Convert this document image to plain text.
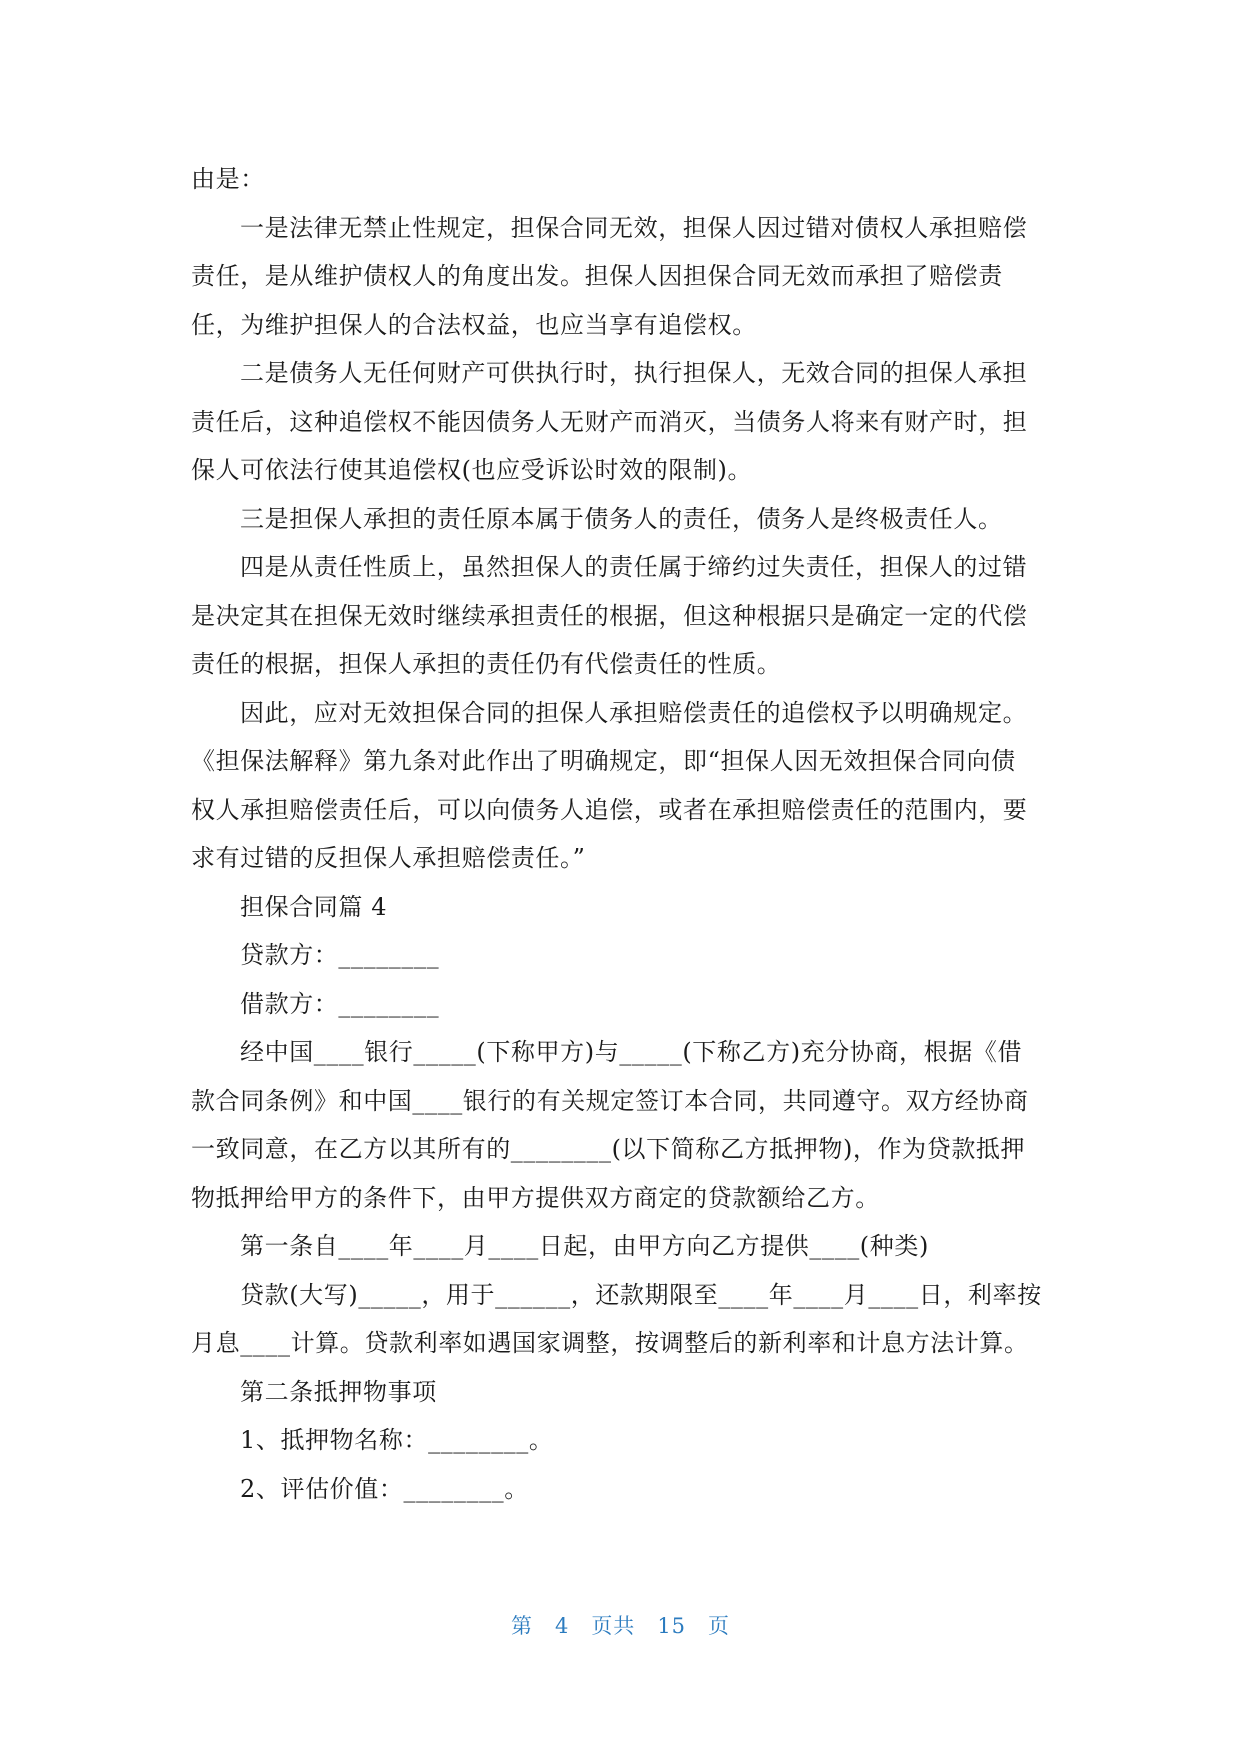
由是：
一是法律无禁止性规定，担保合同无效，担保人因过错对债权人承担赔偿
责任，是从维护债权人的角度出发。担保人因担保合同无效而承担了赔偿责
任，为维护担保人的合法权益，也应当享有追偿权。
二是债务人无任何财产可供执行时，执行担保人，无效合同的担保人承担
责任后，这种追偿权不能因债务人无财产而消灭，当债务人将来有财产时，担
保人可依法行使其追偿权(也应受诉讼时效的限制)。
三是担保人承担的责任原本属于债务人的责任，债务人是终极责任人。
四是从责任性质上，虽然担保人的责任属于缔约过失责任，担保人的过错
是决定其在担保无效时继续承担责任的根据，但这种根据只是确定一定的代偿
责任的根据，担保人承担的责任仍有代偿责任的性质。
因此，应对无效担保合同的担保人承担赔偿责任的追偿权予以明确规定。
《担保法解释》第九条对此作出了明确规定，即“担保人因无效担保合同向债
权人承担赔偿责任后，可以向债务人追偿，或者在承担赔偿责任的范围内，要
求有过错的反担保人承担赔偿责任。”
担保合同篇 4
贷款方：________
借款方：________
经中国____银行_____(下称甲方)与_____(下称乙方)充分协商，根据《借
款合同条例》和中国____银行的有关规定签订本合同，共同遵守。双方经协商
一致同意，在乙方以其所有的________(以下简称乙方抵押物)，作为贷款抵押
物抵押给甲方的条件下，由甲方提供双方商定的贷款额给乙方。
第一条自____年____月____日起，由甲方向乙方提供____(种类)
贷款(大写)_____，用于______，还款期限至____年____月____日，利率按
月息____计算。贷款利率如遇国家调整，按调整后的新利率和计息方法计算。
第二条抵押物事项
1、抵押物名称：________。
2、评估价值：________。
第 4 页共 15 页
